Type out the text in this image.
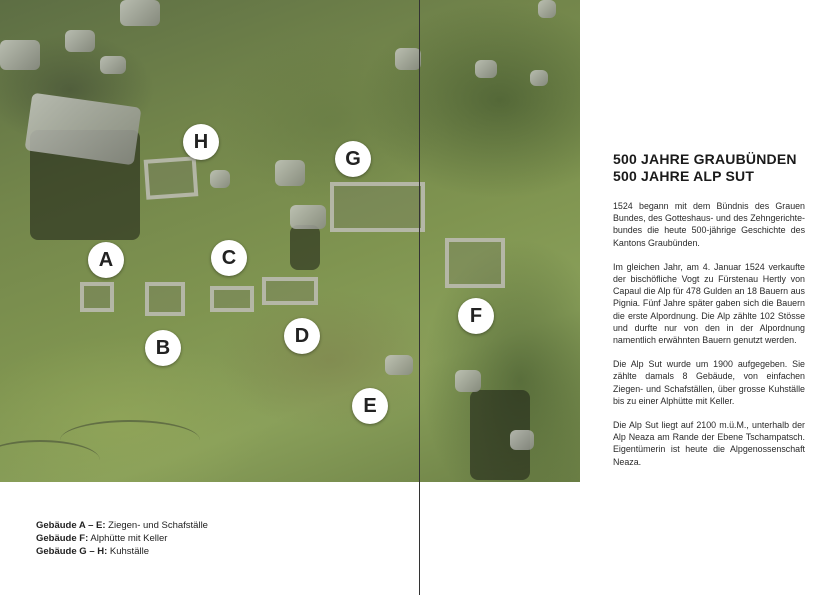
A
B
C
D
E
F
G
H
Gebäude A – E: Ziegen- und Schafställe
Gebäude F: Alphütte mit Keller
Gebäude G – H: Kuhställe
500 JAHRE GRAUBÜNDEN
500 JAHRE ALP SUT

1524 begann mit dem Bündnis des Grauen Bundes, des Gotteshaus- und des Zehngerichte-bundes die heute 500-jährige Geschichte des Kantons Graubünden.

Im gleichen Jahr, am 4. Januar 1524 verkaufte der bischöfliche Vogt zu Fürstenau Hertly von Capaul die Alp für 478 Gulden an 18 Bauern aus Pignia. Fünf Jahre später gaben sich die Bauern die erste Alpordnung. Die Alp zählte 102 Stösse und durfte nur von den in der Alpordnung namentlich erwähnten Bauern genutzt werden.

Die Alp Sut wurde um 1900 aufgegeben. Sie zählte damals 8 Gebäude, von einfachen Ziegen- und Schafställen, über grosse Kuhställe bis zu einer Alphütte mit Keller.

Die Alp Sut liegt auf 2100 m.ü.M., unterhalb der Alp Neaza am Rande der Ebene Tschampatsch. Eigentümerin ist heute die Alpgenossenschaft Neaza.
